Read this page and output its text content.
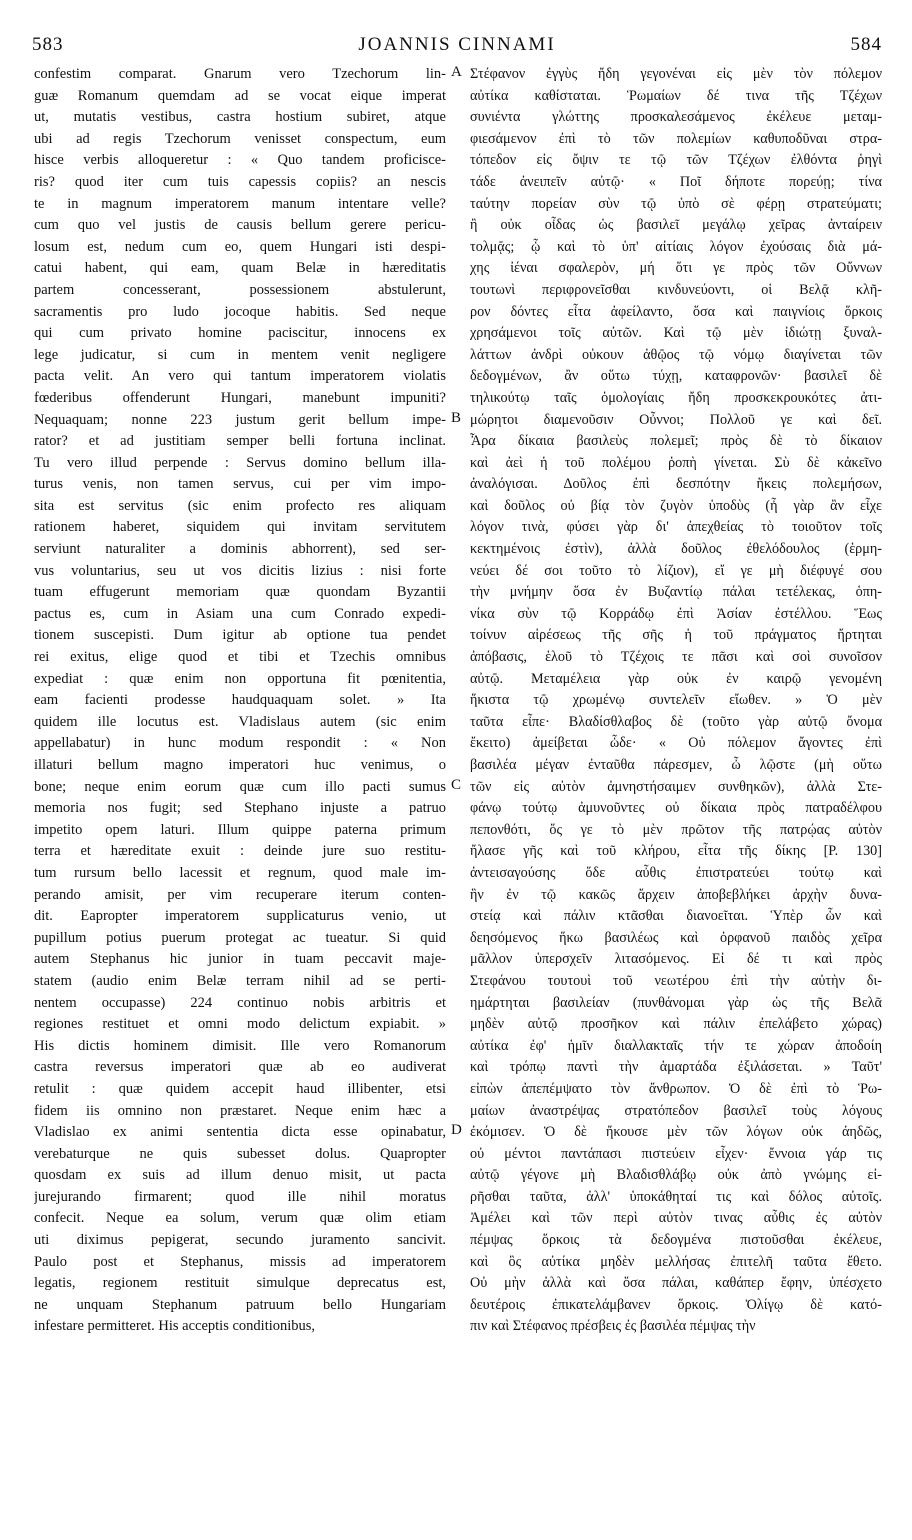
583	JOANNIS CINNAMI	584
A
B
C
D
confestim comparat. Gnarum vero Tzechorum lin-
guæ Romanum quemdam ad se vocat eique imperat
ut, mutatis vestibus, castra hostium subiret, atque
ubi ad regis Tzechorum venisset conspectum, eum
hisce verbis alloqueretur : « Quo tandem proficisce-
ris? quod iter cum tuis capessis copiis? an nescis
te in magnum imperatorem manum intentare velle?
cum quo vel justis de causis bellum gerere pericu-
losum est, nedum cum eo, quem Hungari isti despi-
catui habent, qui eam, quam Belæ in hæreditatis
partem concesserant, possessionem abstulerunt,
sacramentis pro ludo jocoque habitis. Sed neque
qui cum privato homine paciscitur, innocens ex
lege judicatur, si cum in mentem venit negligere
pacta velit. An vero qui tantum imperatorem violatis
fœderibus offenderunt Hungari, manebunt impuniti?
Nequaquam; nonne 223 justum gerit bellum impe-
rator? et ad justitiam semper belli fortuna inclinat.
Tu vero illud perpende : Servus domino bellum illa-
turus venis, non tamen servus, cui per vim impo-
sita est servitus (sic enim profecto res aliquam
rationem haberet, siquidem qui invitam servitutem
serviunt naturaliter a dominis abhorrent), sed ser-
vus voluntarius, seu ut vos dicitis lizius : nisi forte
tuam effugerunt memoriam quæ quondam Byzantii
pactus es, cum in Asiam una cum Conrado expedi-
tionem suscepisti. Dum igitur ab optione tua pendet
rei exitus, elige quod et tibi et Tzechis omnibus
expediat : quæ enim non opportuna fit pœnitentia,
eam facienti prodesse haudquaquam solet. » Ita
quidem ille locutus est. Vladislaus autem (sic enim
appellabatur) in hunc modum respondit : « Non
illaturi bellum magno imperatori huc venimus, o
bone; neque enim eorum quæ cum illo pacti sumus
memoria nos fugit; sed Stephano injuste a patruo
impetito opem laturi. Illum quippe paterna primum
terra et hæreditate exuit : deinde jure suo restitu-
tum rursum bello lacessit et regnum, quod male im-
perando amisit, per vim recuperare iterum conten-
dit. Eapropter imperatorem supplicaturus venio, ut
pupillum potius puerum protegat ac tueatur. Si quid
autem Stephanus hic junior in tuam peccavit maje-
statem (audio enim Belæ terram nihil ad se perti-
nentem occupasse) 224 continuo nobis arbitris et
regiones restituet et omni modo delictum expiabit. »
His dictis hominem dimisit. Ille vero Romanorum
castra reversus imperatori quæ ab eo audiverat
retulit : quæ quidem accepit haud illibenter, etsi
fidem iis omnino non præstaret. Neque enim hæc a
Vladislao ex animi sententia dicta esse opinabatur,
verebaturque ne quis subesset dolus. Quapropter
quosdam ex suis ad illum denuo misit, ut pacta
jurejurando firmarent; quod ille nihil moratus
confecit. Neque ea solum, verum quæ olim etiam
uti diximus pepigerat, secundo juramento sancivit.
Paulo post et Stephanus, missis ad imperatorem
legatis, regionem restituit simulque deprecatus est,
ne unquam Stephanum patruum bello Hungariam
infestare permitteret. His acceptis conditionibus,
Στέφανον ἐγγὺς ἤδη γεγονέναι εἰς μὲν τὸν πόλεμον
αὐτίκα καθίσταται. Ῥωμαίων δέ τινα τῆς Τζέχων
συνιέντα γλώττης προσκαλεσάμενος ἐκέλευε μεταμ-
φιεσάμενον ἐπὶ τὸ τῶν πολεμίων καθυποδῦναι στρα-
τόπεδον εἰς ὄψιν τε τῷ τῶν Τζέχων ἐλθόντα ῥηγὶ
τάδε ἀνειπεῖν αὐτῷ· « Ποῖ δήποτε πορεύῃ; τίνα
ταύτην πορείαν σὺν τῷ ὑπὸ σὲ φέρῃ στρατεύματι;
ἢ οὐκ οἶδας ὡς βασιλεῖ μεγάλῳ χεῖρας ἀνταίρειν
τολμᾷς; ᾧ καὶ τὸ ὑπ' αἰτίαις λόγον ἐχούσαις διὰ μά-
χης ἰέναι σφαλερὸν, μή ὅτι γε πρὸς τῶν Οὔννων
τουτωνὶ περιφρονεῖσθαι κινδυνεύοντι, οἱ Βελᾷ κλῆ-
ρον δόντες εἶτα ἀφείλαντο, ὅσα καὶ παιγνίοις ὅρκοις
χρησάμενοι τοῖς αὐτῶν. Καὶ τῷ μὲν ἰδιώτῃ ξυναλ-
λάττων ἀνδρὶ οὐκουν ἀθῷος τῷ νόμῳ διαγίνεται τῶν
δεδογμένων, ἂν οὕτω τύχῃ, καταφρονῶν· βασιλεῖ δὲ
τηλικούτῳ ταῖς ὁμολογίαις ἤδη προσκεκρουκότες ἀτι-
μώρητοι διαμενοῦσιν Οὖννοι; Πολλοῦ γε καὶ δεῖ.
Ἆρα δίκαια βασιλεὺς πολεμεῖ; πρὸς δὲ τὸ δίκαιον
καὶ ἀεὶ ἡ τοῦ πολέμου ῥοπὴ γίνεται. Σὺ δὲ κἀκεῖνο
ἀναλόγισαι. Δοῦλος ἐπὶ δεσπότην ἥκεις πολεμήσων,
καὶ δοῦλος οὐ βίᾳ τὸν ζυγὸν ὑποδὺς (ἦ γὰρ ἂν εἶχε
λόγον τινὰ, φύσει γὰρ δι' ἀπεχθείας τὸ τοιοῦτον τοῖς
κεκτημένοις ἐστὶν), ἀλλὰ δοῦλος ἐθελόδουλος (ἑρμη-
νεύει δέ σοι τοῦτο τὸ λίζιον), εἴ γε μὴ διέφυγέ σου
τὴν μνήμην ὅσα ἐν Βυζαντίῳ πάλαι τετέλεκας, ὁπη-
νίκα σὺν τῷ Κορράδῳ ἐπὶ Ἀσίαν ἐστέλλου. Ἕως
τοίνυν αἱρέσεως τῆς σῆς ἡ τοῦ πράγματος ἤρτηται
ἀπόβασις, ἑλοῦ τὸ Τζέχοις τε πᾶσι καὶ σοὶ συνοῖσον
αὐτῷ. Μεταμέλεια γὰρ οὐκ ἐν καιρῷ γενομένη
ἥκιστα τῷ χρωμένῳ συντελεῖν εἴωθεν. » Ὁ μὲν
ταῦτα εἶπε· Βλαδίσθλαβος δὲ (τοῦτο γὰρ αὐτῷ ὄνομα
ἔκειτο) ἀμείβεται ὧδε· « Οὐ πόλεμον ἄγοντες ἐπὶ
βασιλέα μέγαν ἐνταῦθα πάρεσμεν, ὦ λῷστε (μὴ οὕτω
τῶν εἰς αὐτὸν ἀμνηστήσαιμεν συνθηκῶν), ἀλλὰ Στε-
φάνῳ τούτῳ ἀμυνοῦντες οὐ δίκαια πρὸς πατραδέλφου
πεπονθότι, ὅς γε τὸ μὲν πρῶτον τῆς πατρῴας αὐτὸν
ἤλασε γῆς καὶ τοῦ κλήρου, εἶτα τῆς δίκης [P. 130]
ἀντεισαγούσης ὅδε αὖθις ἐπιστρατεύει τούτῳ καὶ
ἣν ἐν τῷ κακῶς ἄρχειν ἀποβεβλήκει ἀρχὴν δυνα-
στείᾳ καὶ πάλιν κτᾶσθαι διανοεῖται. Ὑπὲρ ὧν καὶ
δεησόμενος ἥκω βασιλέως καὶ ὀρφανοῦ παιδὸς χεῖρα
μᾶλλον ὑπερσχεῖν λιτασόμενος. Εἰ δέ τι καὶ πρὸς
Στεφάνου τουτουὶ τοῦ νεωτέρου ἐπὶ τὴν αὐτὴν δι-
ημάρτηται βασιλείαν (πυνθάνομαι γὰρ ὡς τῆς Βελᾶ
μηδὲν αὐτῷ προσῆκον καὶ πάλιν ἐπελάβετο χώρας)
αὐτίκα ἐφ' ἡμῖν διαλλακταῖς τήν τε χώραν ἀποδοίη
καὶ τρόπῳ παντὶ τὴν ἁμαρτάδα ἐξιλάσεται. » Ταῦτ'
εἰπὼν ἀπεπέμψατο τὸν ἄνθρωπον. Ὁ δὲ ἐπὶ τὸ Ῥω-
μαίων ἀναστρέψας στρατόπεδον βασιλεῖ τοὺς λόγους
ἐκόμισεν. Ὁ δὲ ἤκουσε μὲν τῶν λόγων οὐκ ἀηδῶς,
οὐ μέντοι παντάπασι πιστεύειν εἶχεν· ἔννοια γάρ τις
αὐτῷ γέγονε μὴ Βλαδισθλάβῳ οὐκ ἀπὸ γνώμης εἰ-
ρῆσθαι ταῦτα, ἀλλ' ὑποκάθηταί τις καὶ δόλος αὐτοῖς.
Ἀμέλει καὶ τῶν περὶ αὐτὸν τινας αὖθις ἐς αὐτὸν
πέμψας ὅρκοις τὰ δεδογμένα πιστοῦσθαι ἐκέλευε,
καὶ ὃς αὐτίκα μηδὲν μελλήσας ἐπιτελῆ ταῦτα ἔθετο.
Οὐ μὴν ἀλλὰ καὶ ὅσα πάλαι, καθάπερ ἔφην, ὑπέσχετο
δευτέροις ἐπικατελάμβανεν ὅρκοις. Ὀλίγῳ δὲ κατό-
πιν καὶ Στέφανος πρέσβεις ἐς βασιλέα πέμψας τὴν
